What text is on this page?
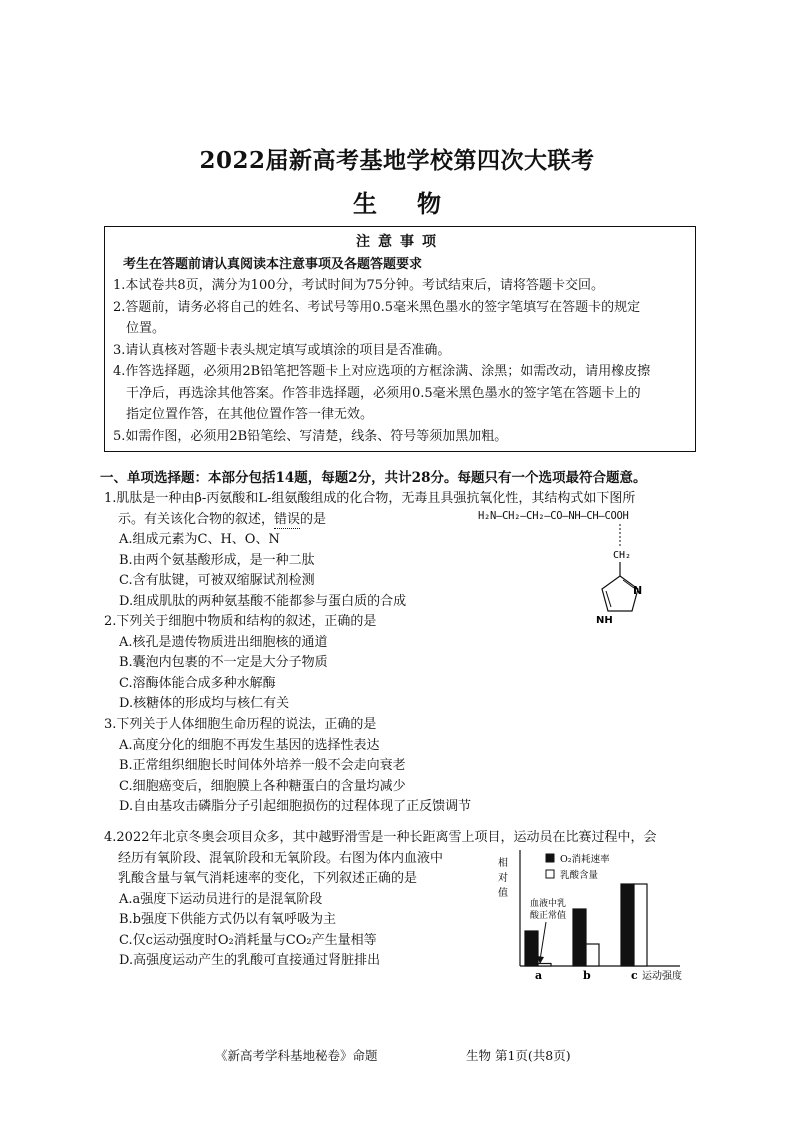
2022届新高考基地学校第四次大联考
生物
注意事项
考生在答题前请认真阅读本注意事项及各题答题要求
1.本试卷共8页，满分为100分，考试时间为75分钟。考试结束后，请将答题卡交回。
2.答题前，请务必将自己的姓名、考试号等用0.5毫米黑色墨水的签字笔填写在答题卡的规定
位置。
3.请认真核对答题卡表头规定填写或填涂的项目是否准确。
4.作答选择题，必须用2B铅笔把答题卡上对应选项的方框涂满、涂黑；如需改动，请用橡皮擦
干净后，再选涂其他答案。作答非选择题，必须用0.5毫米黑色墨水的签字笔在答题卡上的
指定位置作答，在其他位置作答一律无效。
5.如需作图，必须用2B铅笔绘、写清楚，线条、符号等须加黑加粗。
一、单项选择题：本部分包括14题，每题2分，共计28分。每题只有一个选项最符合题意。
1.肌肽是一种由β-丙氨酸和L-组氨酸组成的化合物，无毒且具强抗氧化性，其结构式如下图所
示。有关该化合物的叙述，错误的是
A.组成元素为C、H、O、N
B.由两个氨基酸形成，是一种二肽
C.含有肽键，可被双缩脲试剂检测
D.组成肌肽的两种氨基酸不能都参与蛋白质的合成
H₂N—CH₂—CH₂—CO—NH—CH—COOH
CH₂
N
NH
2.下列关于细胞中物质和结构的叙述，正确的是
A.核孔是遗传物质进出细胞核的通道
B.囊泡内包裹的不一定是大分子物质
C.溶酶体能合成多种水解酶
D.核糖体的形成均与核仁有关
3.下列关于人体细胞生命历程的说法，正确的是
A.高度分化的细胞不再发生基因的选择性表达
B.正常组织细胞长时间体外培养一般不会走向衰老
C.细胞癌变后，细胞膜上各种糖蛋白的含量均减少
D.自由基攻击磷脂分子引起细胞损伤的过程体现了正反馈调节
4.2022年北京冬奥会项目众多，其中越野滑雪是一种长距离雪上项目，运动员在比赛过程中，会
经历有氧阶段、混氧阶段和无氧阶段。右图为体内血液中
乳酸含量与氧气消耗速率的变化，下列叙述正确的是
A.a强度下运动员进行的是混氧阶段
B.b强度下供能方式仍以有氧呼吸为主
C.仅c运动强度时O₂消耗量与CO₂产生量相等
D.高强度运动产生的乳酸可直接通过肾脏排出
相
对
值
a	b	c 运动强度
O₂消耗速率
乳酸含量
血液中乳
酸正常值
《新高考学科基地秘卷》命题	生物 第1页(共8页)
